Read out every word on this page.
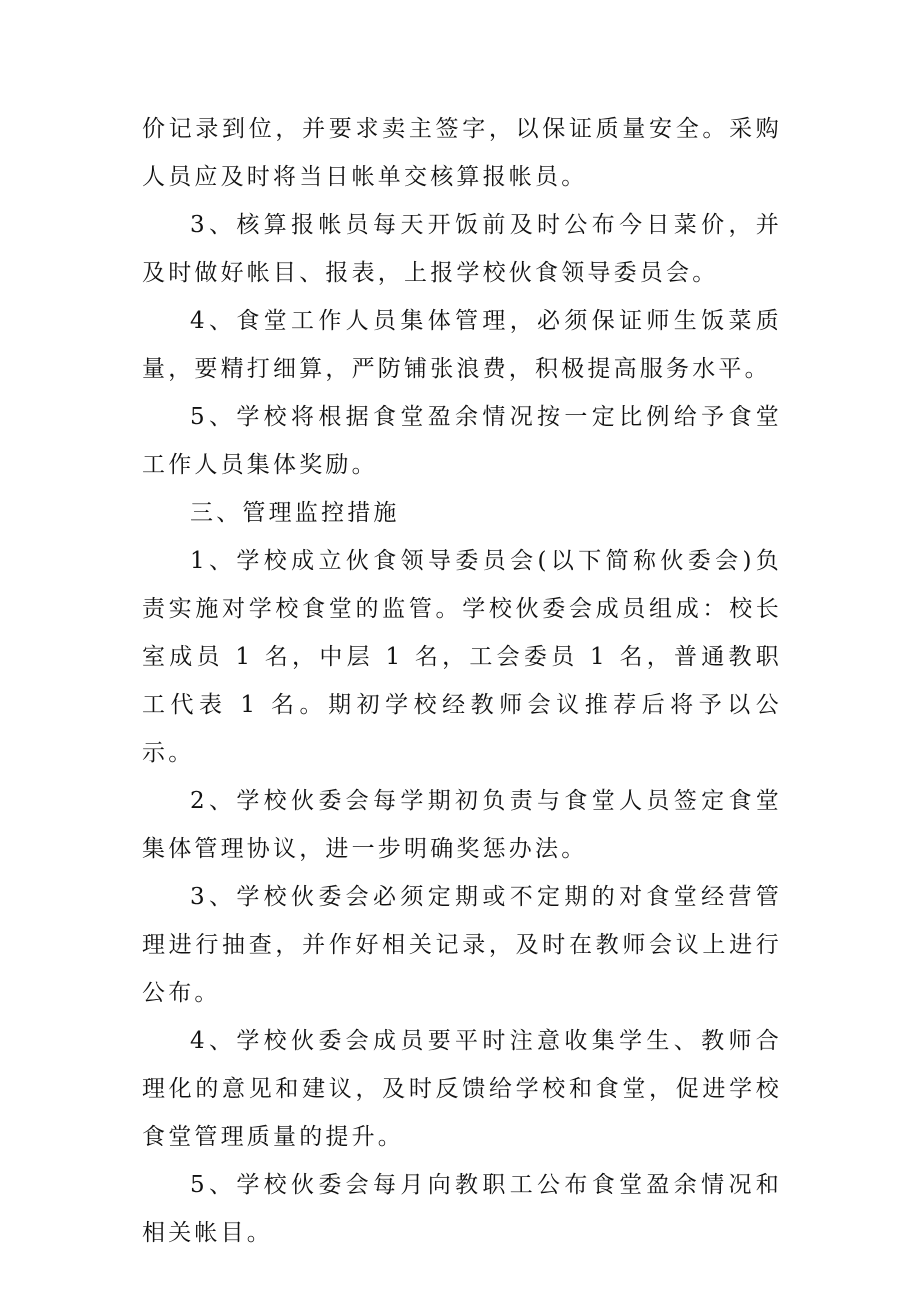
价记录到位，并要求卖主签字，以保证质量安全。采购人员应及时将当日帐单交核算报帐员。

3、核算报帐员每天开饭前及时公布今日菜价，并及时做好帐目、报表，上报学校伙食领导委员会。

4、食堂工作人员集体管理，必须保证师生饭菜质量，要精打细算，严防铺张浪费，积极提高服务水平。

5、学校将根据食堂盈余情况按一定比例给予食堂工作人员集体奖励。

三、管理监控措施

1、学校成立伙食领导委员会(以下简称伙委会)负责实施对学校食堂的监管。学校伙委会成员组成：校长室成员 1 名，中层 1 名，工会委员 1 名，普通教职工代表 1 名。期初学校经教师会议推荐后将予以公示。

2、学校伙委会每学期初负责与食堂人员签定食堂集体管理协议，进一步明确奖惩办法。

3、学校伙委会必须定期或不定期的对食堂经营管理进行抽查，并作好相关记录，及时在教师会议上进行公布。

4、学校伙委会成员要平时注意收集学生、教师合理化的意见和建议，及时反馈给学校和食堂，促进学校食堂管理质量的提升。

5、学校伙委会每月向教职工公布食堂盈余情况和相关帐目。
